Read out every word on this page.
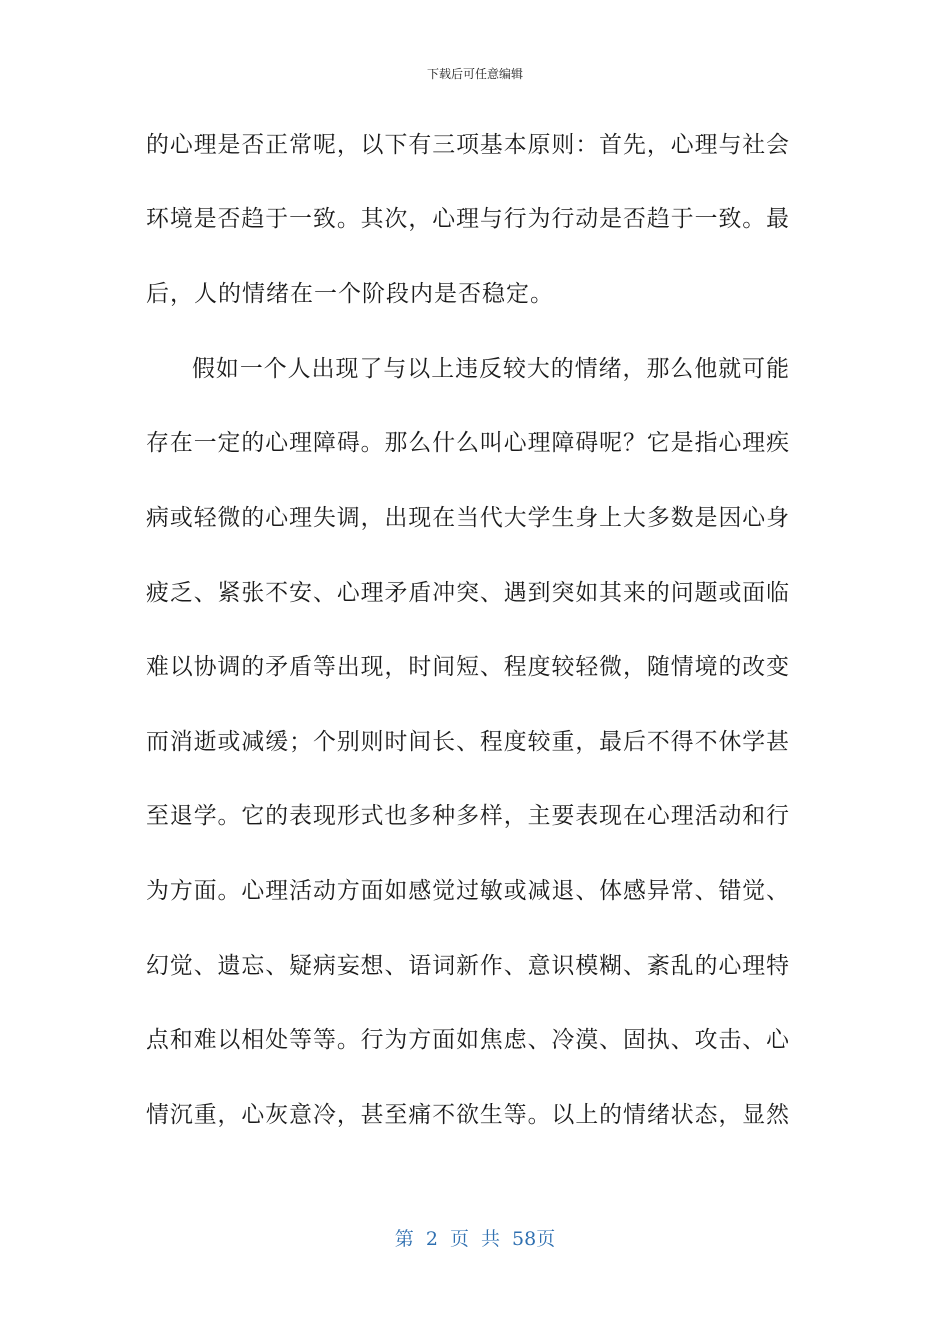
下载后可任意编辑
的心理是否正常呢，以下有三项基本原则：首先，心理与社会
环境是否趋于一致。其次，心理与行为行动是否趋于一致。最
后，人的情绪在一个阶段内是否稳定。
假如一个人出现了与以上违反较大的情绪，那么他就可能
存在一定的心理障碍。那么什么叫心理障碍呢？它是指心理疾
病或轻微的心理失调，出现在当代大学生身上大多数是因心身
疲乏、紧张不安、心理矛盾冲突、遇到突如其来的问题或面临
难以协调的矛盾等出现，时间短、程度较轻微，随情境的改变
而消逝或减缓；个别则时间长、程度较重，最后不得不休学甚
至退学。它的表现形式也多种多样，主要表现在心理活动和行
为方面。心理活动方面如感觉过敏或减退、体感异常、错觉、
幻觉、遗忘、疑病妄想、语词新作、意识模糊、紊乱的心理特
点和难以相处等等。行为方面如焦虑、冷漠、固执、攻击、心
情沉重，心灰意冷，甚至痛不欲生等。以上的情绪状态，显然
第 2 页 共 58页
